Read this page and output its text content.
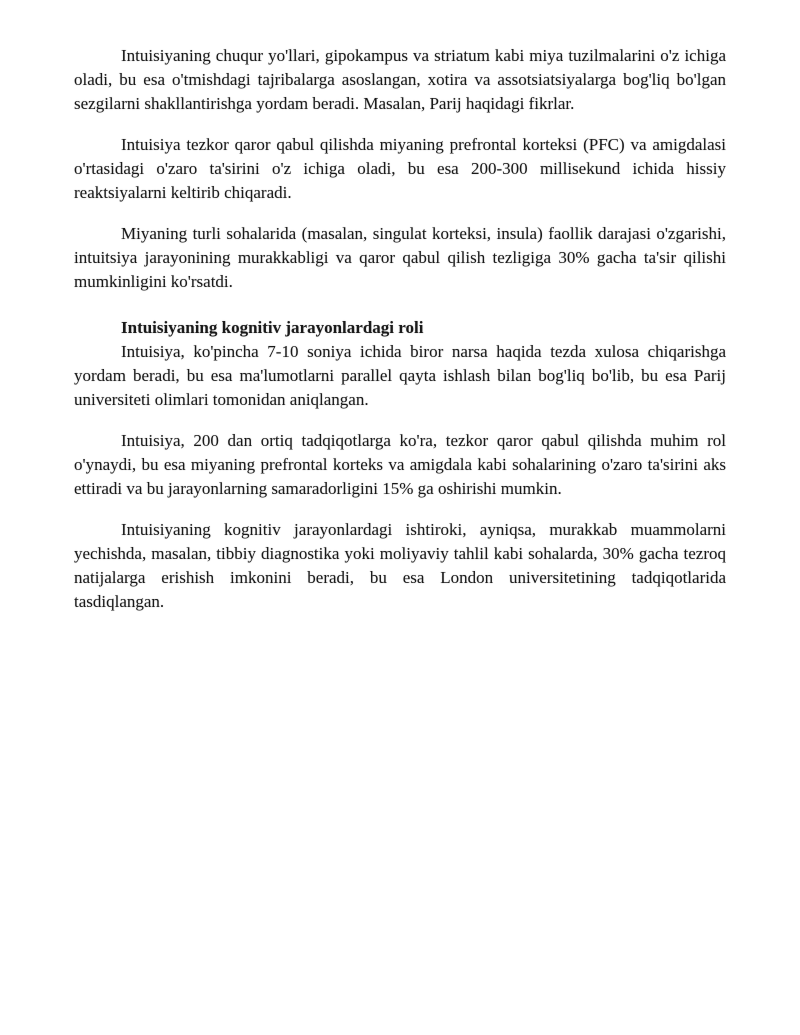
Intuisiyaning chuqur yo'llari, gipokampus va striatum kabi miya tuzilmalarini o'z ichiga oladi, bu esa o'tmishdagi tajribalarga asoslangan, xotira va assotsiatsiyalarga bog'liq bo'lgan sezgilarni shakllantirishga yordam beradi. Masalan, Parij haqidagi fikrlar.

Intuisiya tezkor qaror qabul qilishda miyaning prefrontal korteksi (PFC) va amigdalasi o'rtasidagi o'zaro ta'sirini o'z ichiga oladi, bu esa 200-300 millisekund ichida hissiy reaktsiyalarni keltirib chiqaradi.

Miyaning turli sohalarida (masalan, singulat korteksi, insula) faollik darajasi o'zgarishi, intuitsiya jarayonining murakkabligi va qaror qabul qilish tezligiga 30% gacha ta'sir qilishi mumkinligini ko'rsatdi.

Intuisiyaning kognitiv jarayonlardagi roli

Intuisiya, ko'pincha 7-10 soniya ichida biror narsa haqida tezda xulosa chiqarishga yordam beradi, bu esa ma'lumotlarni parallel qayta ishlash bilan bog'liq bo'lib, bu esa Parij universiteti olimlari tomonidan aniqlangan.

Intuisiya, 200 dan ortiq tadqiqotlarga ko'ra, tezkor qaror qabul qilishda muhim rol o'ynaydi, bu esa miyaning prefrontal korteks va amigdala kabi sohalarining o'zaro ta'sirini aks ettiradi va bu jarayonlarning samaradorligini 15% ga oshirishi mumkin.

Intuisiyaning kognitiv jarayonlardagi ishtiroki, ayniqsa, murakkab muammolarni yechishda, masalan, tibbiy diagnostika yoki moliyaviy tahlil kabi sohalarda, 30% gacha tezroq natijalarga erishish imkonini beradi, bu esa London universitetining tadqiqotlarida tasdiqlangan.
